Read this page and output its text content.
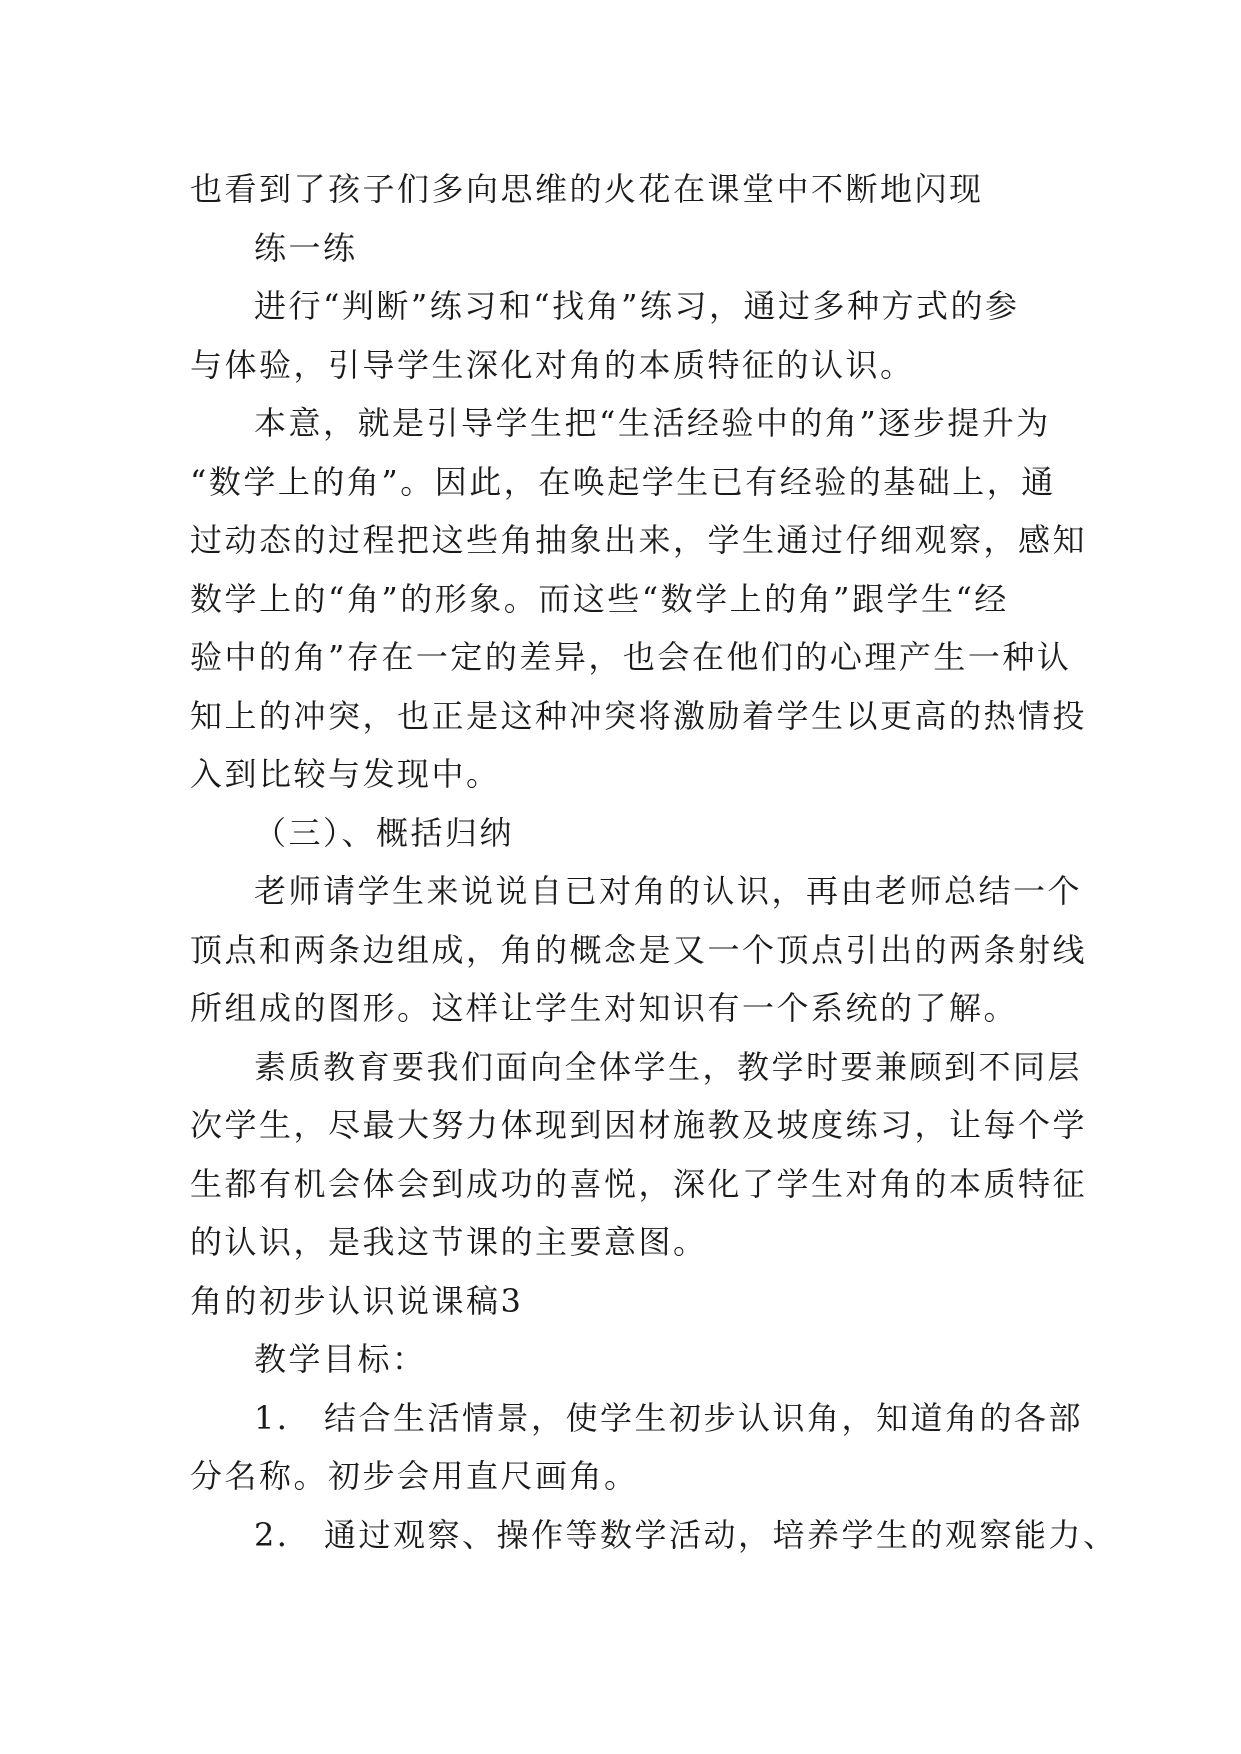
也看到了孩子们多向思维的火花在课堂中不断地闪现

练一练

进行“判断”练习和“找角”练习，通过多种方式的参

与体验，引导学生深化对角的本质特征的认识。

本意，就是引导学生把“生活经验中的角”逐步提升为

“数学上的角”。因此，在唤起学生已有经验的基础上，通

过动态的过程把这些角抽象出来，学生通过仔细观察，感知

数学上的“角”的形象。而这些“数学上的角”跟学生“经

验中的角”存在一定的差异，也会在他们的心理产生一种认

知上的冲突，也正是这种冲突将激励着学生以更高的热情投

入到比较与发现中。

（三）、概括归纳

老师请学生来说说自已对角的认识，再由老师总结一个

顶点和两条边组成，角的概念是又一个顶点引出的两条射线

所组成的图形。这样让学生对知识有一个系统的了解。

素质教育要我们面向全体学生，教学时要兼顾到不同层

次学生，尽最大努力体现到因材施教及坡度练习，让每个学

生都有机会体会到成功的喜悦，深化了学生对角的本质特征

的认识，是我这节课的主要意图。

角的初步认识说课稿3

教学目标：

1． 结合生活情景，使学生初步认识角，知道角的各部

分名称。初步会用直尺画角。

2． 通过观察、操作等数学活动，培养学生的观察能力、
